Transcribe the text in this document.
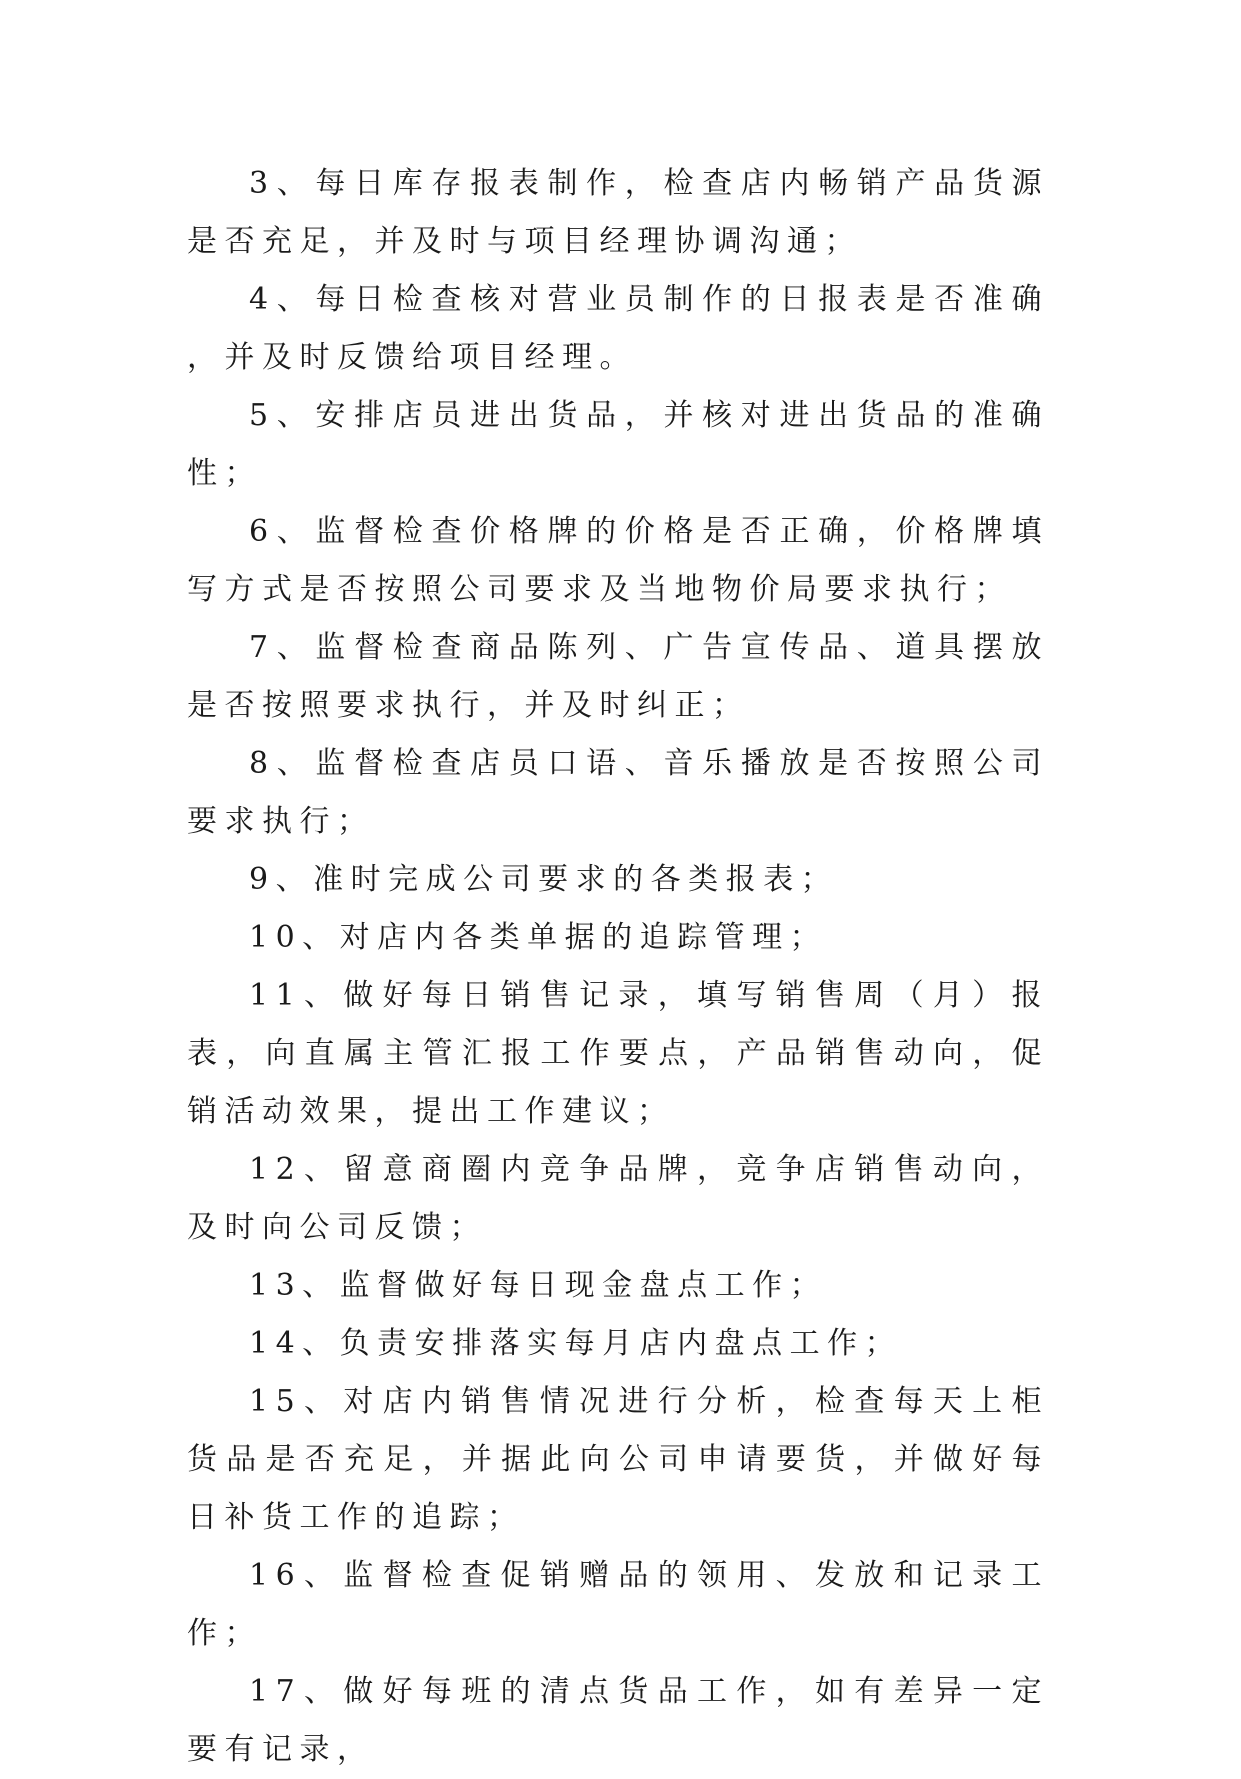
3、每日库存报表制作，检查店内畅销产品货源是否充足，并及时与项目经理协调沟通；

4、每日检查核对营业员制作的日报表是否准确，并及时反馈给项目经理。

5、安排店员进出货品，并核对进出货品的准确性；

6、监督检查价格牌的价格是否正确，价格牌填写方式是否按照公司要求及当地物价局要求执行；

7、监督检查商品陈列、广告宣传品、道具摆放是否按照要求执行，并及时纠正；

8、监督检查店员口语、音乐播放是否按照公司要求执行；

9、准时完成公司要求的各类报表；

10、对店内各类单据的追踪管理；

11、做好每日销售记录，填写销售周（月）报表，向直属主管汇报工作要点，产品销售动向，促销活动效果，提出工作建议；

12、留意商圈内竞争品牌，竞争店销售动向，及时向公司反馈；

13、监督做好每日现金盘点工作；

14、负责安排落实每月店内盘点工作；

15、对店内销售情况进行分析，检查每天上柜货品是否充足，并据此向公司申请要货，并做好每日补货工作的追踪；

16、监督检查促销赠品的领用、发放和记录工作；

17、做好每班的清点货品工作，如有差异一定要有记录，
